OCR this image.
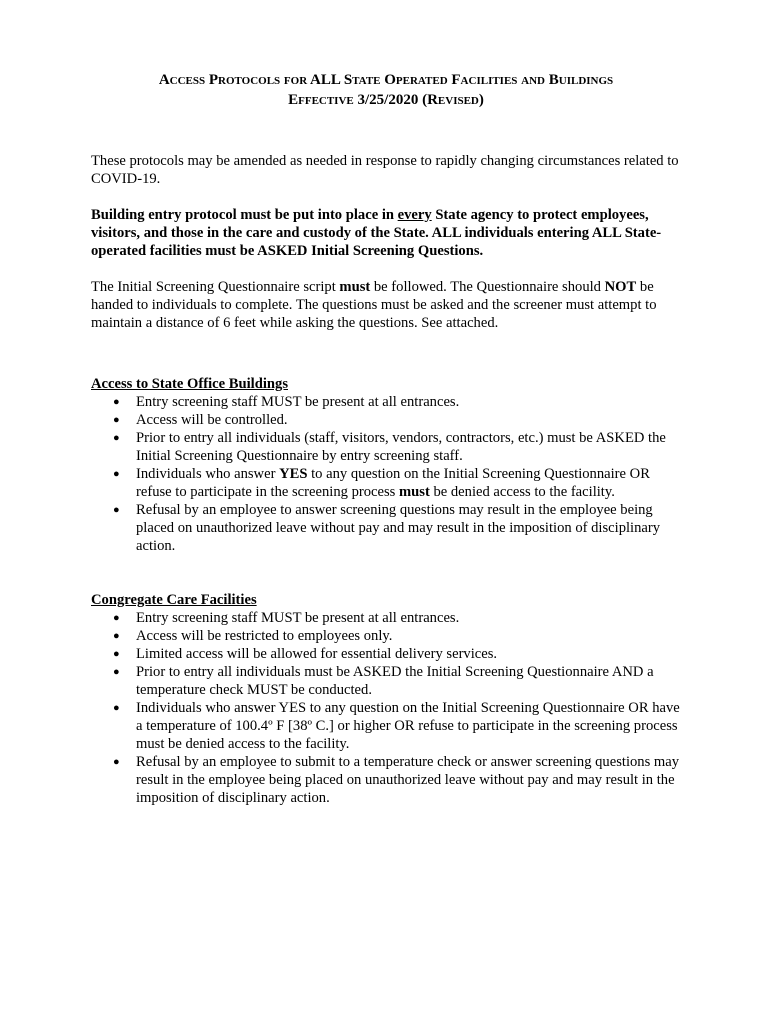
Access Protocols for ALL State Operated Facilities and Buildings
Effective 3/25/2020 (Revised)

These protocols may be amended as needed in response to rapidly changing circumstances related to COVID-19.

Building entry protocol must be put into place in every State agency to protect employees, visitors, and those in the care and custody of the State. ALL individuals entering ALL State-operated facilities must be ASKED Initial Screening Questions.

The Initial Screening Questionnaire script must be followed. The Questionnaire should NOT be handed to individuals to complete. The questions must be asked and the screener must attempt to maintain a distance of 6 feet while asking the questions. See attached.

Access to State Office Buildings
● Entry screening staff MUST be present at all entrances.
● Access will be controlled.
● Prior to entry all individuals (staff, visitors, vendors, contractors, etc.) must be ASKED the Initial Screening Questionnaire by entry screening staff.
● Individuals who answer YES to any question on the Initial Screening Questionnaire OR refuse to participate in the screening process must be denied access to the facility.
● Refusal by an employee to answer screening questions may result in the employee being placed on unauthorized leave without pay and may result in the imposition of disciplinary action.
Congregate Care Facilities
● Entry screening staff MUST be present at all entrances.
● Access will be restricted to employees only.
● Limited access will be allowed for essential delivery services.
● Prior to entry all individuals must be ASKED the Initial Screening Questionnaire AND a temperature check MUST be conducted.
● Individuals who answer YES to any question on the Initial Screening Questionnaire OR have a temperature of 100.4º F [38º C.] or higher OR refuse to participate in the screening process must be denied access to the facility.
● Refusal by an employee to submit to a temperature check or answer screening questions may result in the employee being placed on unauthorized leave without pay and may result in the imposition of disciplinary action.
